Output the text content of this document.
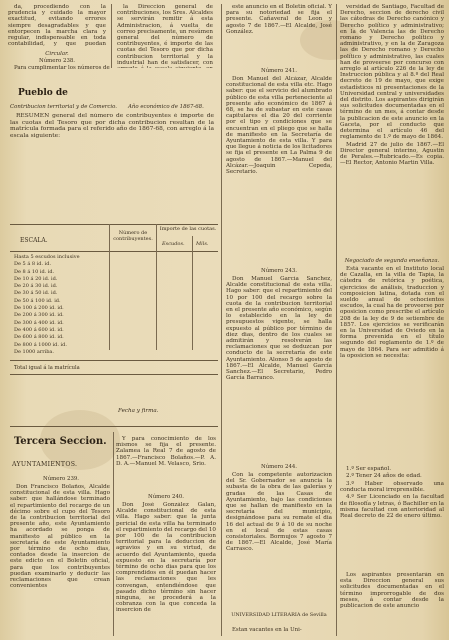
da, procediendo con la prudencia y cuidado la mayor exactitud, evitando errores siempre desagradables y que entorpecen la marcha clara y regular, indispensable en toda contabilidad, y que puedan

Circular.
Número 238.
Para cumplimentar los números de

la Direccion general de contribuciones, los Sres. Alcaldes se servirán remitir á esta Administracion, á vuelta de correo precisamente, un resúmen general del número de contribuyentes, é importe de las cuotas del Tesoro que por dicha contribucion territorial y la industrial han de satisfacer, con

Pueblo de
Contribucion territorial y de Comercio. Año económico de 1867-68.

RESUMEN general del número de contribuyentes é importe de las cuotas del Tesoro que por dicha contribucion resultan de la matrícula formada para el referido año de 1867-68, con arreglo á la escala siguiente:

ESCALA.
Número de contribuyentes.
Importe de las cuotas.
Escudos. Mils.
Hasta 5 escudos inclusive
De 5 á 8 id. id.
De 8 á 10 id. id.
De 10 á 20 id. id.
De 20 á 30 id. id.
De 30 á 50 id. id.
De 50 á 100 id. id.
De 100 á 200 id. id.
De 200 á 300 id. id.
De 300 á 400 id. id.
De 400 á 600 id. id.
De 600 á 800 id. id.
De 800 á 1000 id. id.
De 1000 arriba.
Total igual á la matrícula
Fecha y firma.
Tercera Seccion.
AYUNTAMIENTOS.
Número 239.

Don Francisco Bolaños, Alcalde constitucional de esta villa. Hago saber: que hallándose terminado el repartimiento del recargo de un décimo sobre el cupo del Tesoro de la contribucion territorial del presente año, este Ayuntamiento ha acordado se ponga de manifiesto al público en la secretaría de este Ayuntamiento por término de ocho dias, contados desde la insercion de este edicto en el Boletin oficial, para que los contribuyentes puedan examinarlo y deducir las reclamaciones que crean convenientes

Y para conocimiento de los mismos se fija el presente. Zalamea la Real 7 de agosto de 1867.—Francisco Bolaños.—P. A. D. A.—Manuel M. Velasco, Srio.

Número 240.

Don José González Galan, Alcalde constitucional de esta villa. Hago saber: que la junta pericial de esta villa ha terminado el repartimiento del recargo del 10 por 100 de la contribucion territorial para la deduccion de agravios y en su virtud, de acuerdo del Ayuntamiento, queda expuesto en la secretaría por término de ocho dias para que los comprendidos en él puedan hacer las reclamaciones que les convengan, entendiéndose que pasado dicho término sin hacer ninguna, se procederá a la cobranza con la que conceda la insercion de

este anuncio en el Boletin oficial. Y para su notoriedad se fija el presente. Cañaveral de Leon y agosto 7 de 1867.—El Alcalde, José González.

Número 241.

Don Manuel del Alcázar, Alcalde constitucional de esta villa etc. Hago saber: que el servicio del alumbrado público de esta villa perteneciente al presente año económico de 1867 á 68, se ha de subastar en este casas capitulares el dia 20 del corriente por el tipo y condiciones que se encuentran en el pliego que se halla de manifiesto en la Secretaría de Ayuntamiento de esta villa. Y para que llegue á noticia de los licitadores se fija el presente en La Palma 9 de agosto de 1867.—Manuel del Alcázar.—Joaquin Cepeda, Secretario.

Número 243.

Don Manuel García Sanchez, Alcalde constitucional de esta villa. Hago saber: que el repartimiento del 10 por 100 del recargo sobre la cuota de la contribucion territorial en el presente año económico, según lo establecido en la ley de presupuestos vigente, se halla expuesto al público por término de diez dias, dentro de los cuales se admitirán y resolverán las reclamaciones que se deduzcan por conducto de la secretaría de este Ayuntamiento. Alonso 5 de agosto de 1867.—El Alcalde, Manuel García Sanchez.—El Secretario, Pedro García Barranco.

Número 244.

Con la competente autorizacion del Sr. Gobernador se anuncia la subasta de la obra de las galerías y gradas de las Casas de Ayuntamiento, bajo las condiciones que se hallan de manifiesto en la secretaría del municipio, designándose para su remate el dia 16 del actual de 9 á 10 de su noche en el local de estas casas consistoriales. Bormujos 7 agosto 7 de 1867.—El Alcalde, José María Carrasco.

UNIVERSIDAD LITERARIA de Sevilla
Estan vacantes en la Uni-

versidad de Santiago, Facultad de Derecho, seccion de derecho civil las cátedras de Derecho canónico y Derecho político y administrativo; en la de Valencia las de Derecho romano y Derecho político y administrativo, y en la de Zaragoza las de Derecho romano y Derecho político y administrativo, las cuales han de proveerse por concurso con arreglo al artículo 226 de la ley de Instruccion pública y al 8.º del Real decreto de 19 de mayo, que exige estadísticos ni presentaciones de la Universidad central y universidades del distrito. Los aspirantes dirigirán sus solicitudes documentadas en el término de un mes, á contar desde la publicacion de este anuncio en la Gaceta, por el conducto que determina el artículo 46 del reglamento de 1.º de mayo de 1864.

Madrid 27 de julio de 1867.—El Director general interino, Agustin de Perales.—Rubricado.—Es copia.—El Rector, Antonio Martin Villa.

Negociado de segunda enseñanza.

Está vacante en el Instituto local de Cazalla, en la villa de Tapia, la cátedra de retórica y poética, ejercicios de análisis, traduccion y composicion latina, dotada con el sueldo anual de ochocientos escudos, la cual ha de proveerse por oposicion como prescribe el artículo 208 de la ley de 9 de setiembre de 1857. Los ejercicios se verificarán en la Universidad de Oviedo en la forma prevenida en el título segundo del reglamento de 1.º de mayo de 1864. Para ser admitido á la oposicion se necesita:

1.º Ser español.

2.º Tener 24 años de edad.

3.º Haber observado una conducta moral irreprensible.

4.º Ser Licenciado en la facultad de filosofía y letras, ó Bachiller en la misma facultad con anterioridad al Real decreto de 22 de enero último.

Los aspirantes presentarán en esta Direccion general sus solicitudes documentadas en el término improrrogable de dos meses, á contar desde la publicacion de este anuncio
